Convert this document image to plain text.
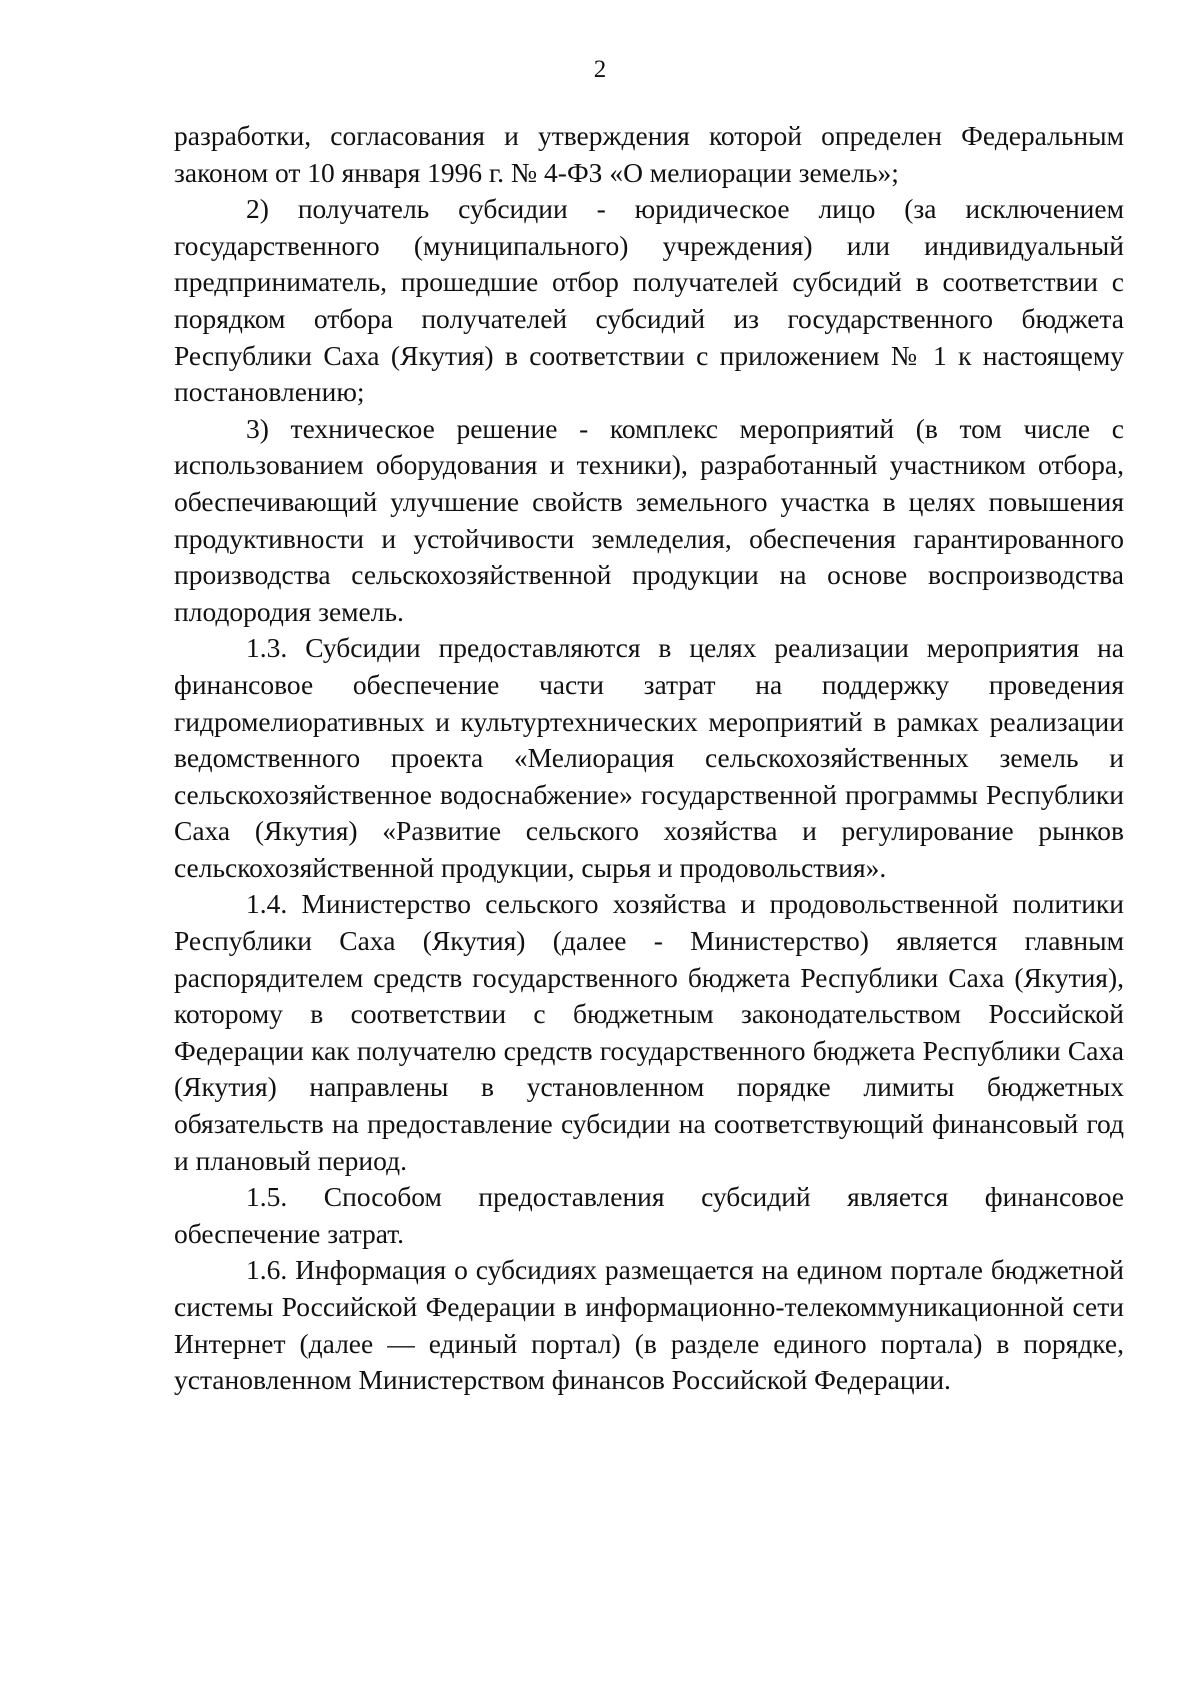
2

разработки, согласования и утверждения которой определен Федеральным законом от 10 января 1996 г. № 4-ФЗ «О мелиорации земель»;

2) получатель субсидии - юридическое лицо (за исключением государственного (муниципального) учреждения) или индивидуальный предприниматель, прошедшие отбор получателей субсидий в соответствии с порядком отбора получателей субсидий из государственного бюджета Республики Саха (Якутия) в соответствии с приложением № 1 к настоящему постановлению;

3) техническое решение - комплекс мероприятий (в том числе с использованием оборудования и техники), разработанный участником отбора, обеспечивающий улучшение свойств земельного участка в целях повышения продуктивности и устойчивости земледелия, обеспечения гарантированного производства сельскохозяйственной продукции на основе воспроизводства плодородия земель.

1.3. Субсидии предоставляются в целях реализации мероприятия на финансовое обеспечение части затрат на поддержку проведения гидромелиоративных и культуртехнических мероприятий в рамках реализации ведомственного проекта «Мелиорация сельскохозяйственных земель и сельскохозяйственное водоснабжение» государственной программы Республики Саха (Якутия) «Развитие сельского хозяйства и регулирование рынков сельскохозяйственной продукции, сырья и продовольствия».

1.4. Министерство сельского хозяйства и продовольственной политики Республики Саха (Якутия) (далее - Министерство) является главным распорядителем средств государственного бюджета Республики Саха (Якутия), которому в соответствии с бюджетным законодательством Российской Федерации как получателю средств государственного бюджета Республики Саха (Якутия) направлены в установленном порядке лимиты бюджетных обязательств на предоставление субсидии на соответствующий финансовый год и плановый период.

1.5. Способом предоставления субсидий является финансовое обеспечение затрат.

1.6. Информация о субсидиях размещается на едином портале бюджетной системы Российской Федерации в информационно-телекоммуникационной сети Интернет (далее — единый портал) (в разделе единого портала) в порядке, установленном Министерством финансов Российской Федерации.
